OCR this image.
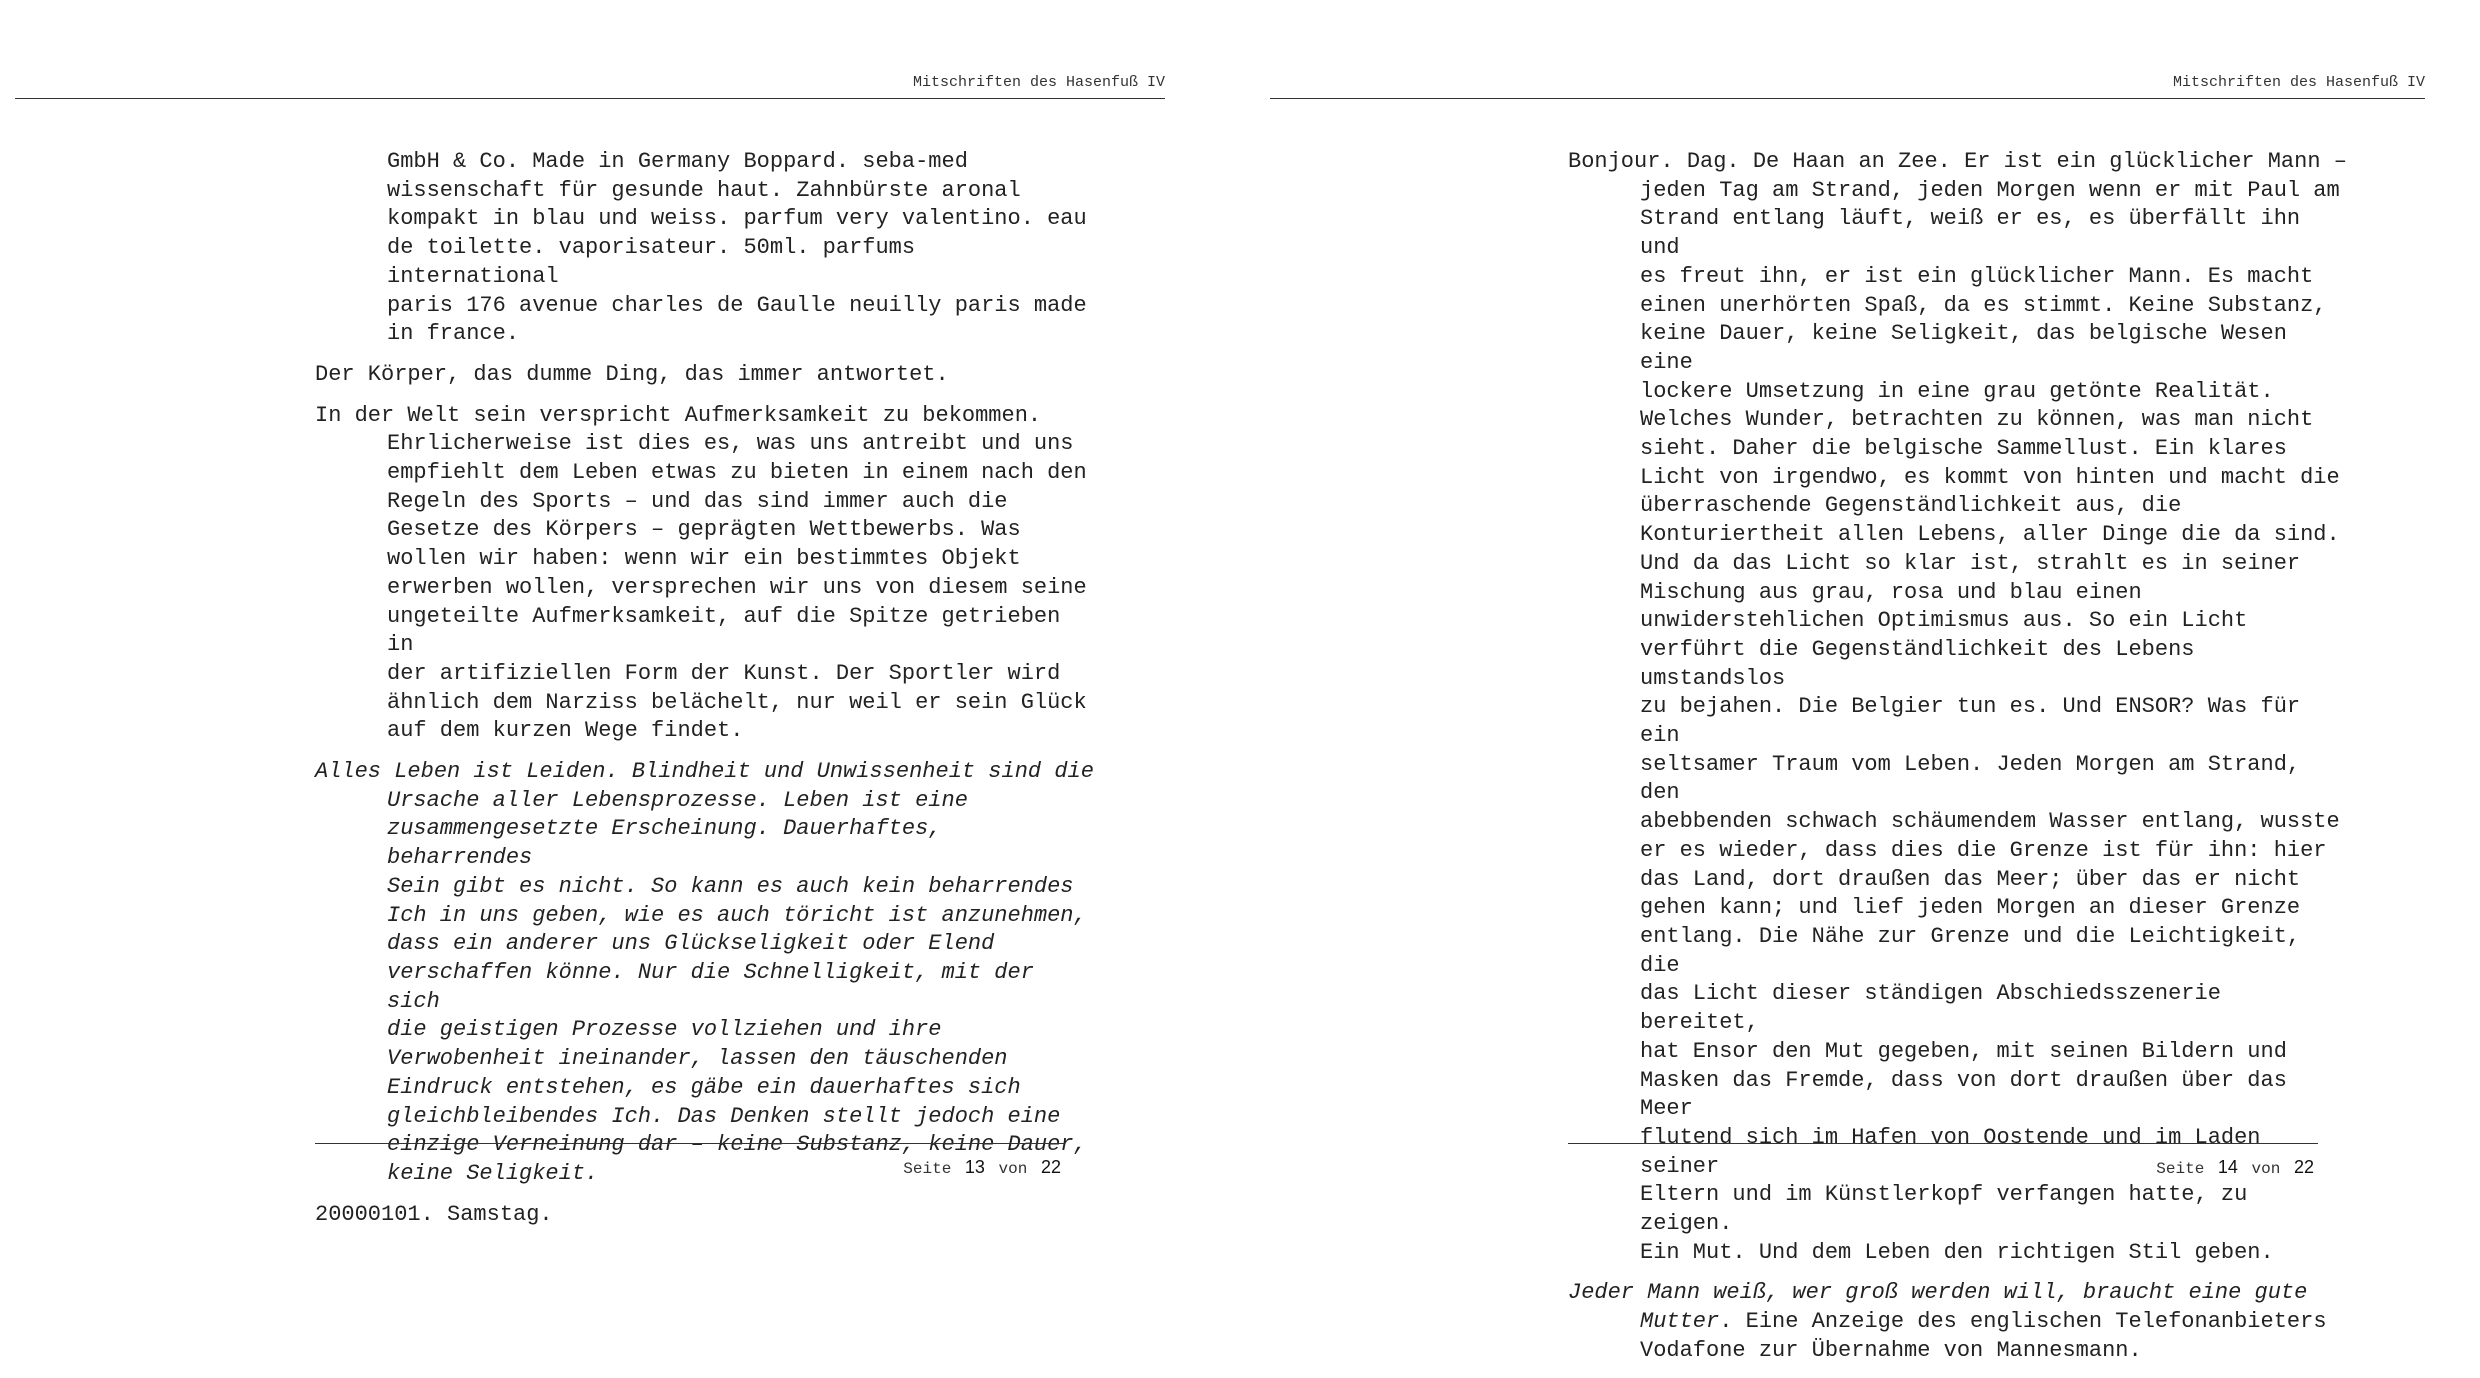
Mitschriften des Hasenfuß IV

GmbH & Co. Made in Germany Boppard. seba-med
wissenschaft für gesunde haut. Zahnbürste aronal
kompakt in blau und weiss. parfum very valentino. eau
de toilette. vaporisateur. 50ml. parfums international
paris 176 avenue charles de Gaulle neuilly paris made
in france.

Der Körper, das dumme Ding, das immer antwortet.

In der Welt sein verspricht Aufmerksamkeit zu bekommen.
Ehrlicherweise ist dies es, was uns antreibt und uns
empfiehlt dem Leben etwas zu bieten in einem nach den
Regeln des Sports – und das sind immer auch die
Gesetze des Körpers – geprägten Wettbewerbs. Was
wollen wir haben: wenn wir ein bestimmtes Objekt
erwerben wollen, versprechen wir uns von diesem seine
ungeteilte Aufmerksamkeit, auf die Spitze getrieben in
der artifiziellen Form der Kunst. Der Sportler wird
ähnlich dem Narziss belächelt, nur weil er sein Glück
auf dem kurzen Wege findet.

Alles Leben ist Leiden. Blindheit und Unwissenheit sind die
Ursache aller Lebensprozesse. Leben ist eine
zusammengesetzte Erscheinung. Dauerhaftes, beharrendes
Sein gibt es nicht. So kann es auch kein beharrendes
Ich in uns geben, wie es auch töricht ist anzunehmen,
dass ein anderer uns Glückseligkeit oder Elend
verschaffen könne. Nur die Schnelligkeit, mit der sich
die geistigen Prozesse vollziehen und ihre
Verwobenheit ineinander, lassen den täuschenden
Eindruck entstehen, es gäbe ein dauerhaftes sich
gleichbleibendes Ich. Das Denken stellt jedoch eine
einzige Verneinung dar – keine Substanz, keine Dauer,
keine Seligkeit.

20000101. Samstag.

Seite 13 von 22
Mitschriften des Hasenfuß IV

Bonjour. Dag. De Haan an Zee. Er ist ein glücklicher Mann –
jeden Tag am Strand, jeden Morgen wenn er mit Paul am
Strand entlang läuft, weiß er es, es überfällt ihn und
es freut ihn, er ist ein glücklicher Mann. Es macht
einen unerhörten Spaß, da es stimmt. Keine Substanz,
keine Dauer, keine Seligkeit, das belgische Wesen eine
lockere Umsetzung in eine grau getönte Realität.
Welches Wunder, betrachten zu können, was man nicht
sieht. Daher die belgische Sammellust. Ein klares
Licht von irgendwo, es kommt von hinten und macht die
überraschende Gegenständlichkeit aus, die
Konturiertheit allen Lebens, aller Dinge die da sind.
Und da das Licht so klar ist, strahlt es in seiner
Mischung aus grau, rosa und blau einen
unwiderstehlichen Optimismus aus. So ein Licht
verführt die Gegenständlichkeit des Lebens umstandslos
zu bejahen. Die Belgier tun es. Und ENSOR? Was für ein
seltsamer Traum vom Leben. Jeden Morgen am Strand, den
abebbenden schwach schäumendem Wasser entlang, wusste
er es wieder, dass dies die Grenze ist für ihn: hier
das Land, dort draußen das Meer; über das er nicht
gehen kann; und lief jeden Morgen an dieser Grenze
entlang. Die Nähe zur Grenze und die Leichtigkeit, die
das Licht dieser ständigen Abschiedsszenerie bereitet,
hat Ensor den Mut gegeben, mit seinen Bildern und
Masken das Fremde, dass von dort draußen über das Meer
flutend sich im Hafen von Oostende und im Laden seiner
Eltern und im Künstlerkopf verfangen hatte, zu zeigen.
Ein Mut. Und dem Leben den richtigen Stil geben.

Jeder Mann weiß, wer groß werden will, braucht eine gute
Mutter. Eine Anzeige des englischen Telefonanbieters
Vodafone zur Übernahme von Mannesmann.

Seite 14 von 22
